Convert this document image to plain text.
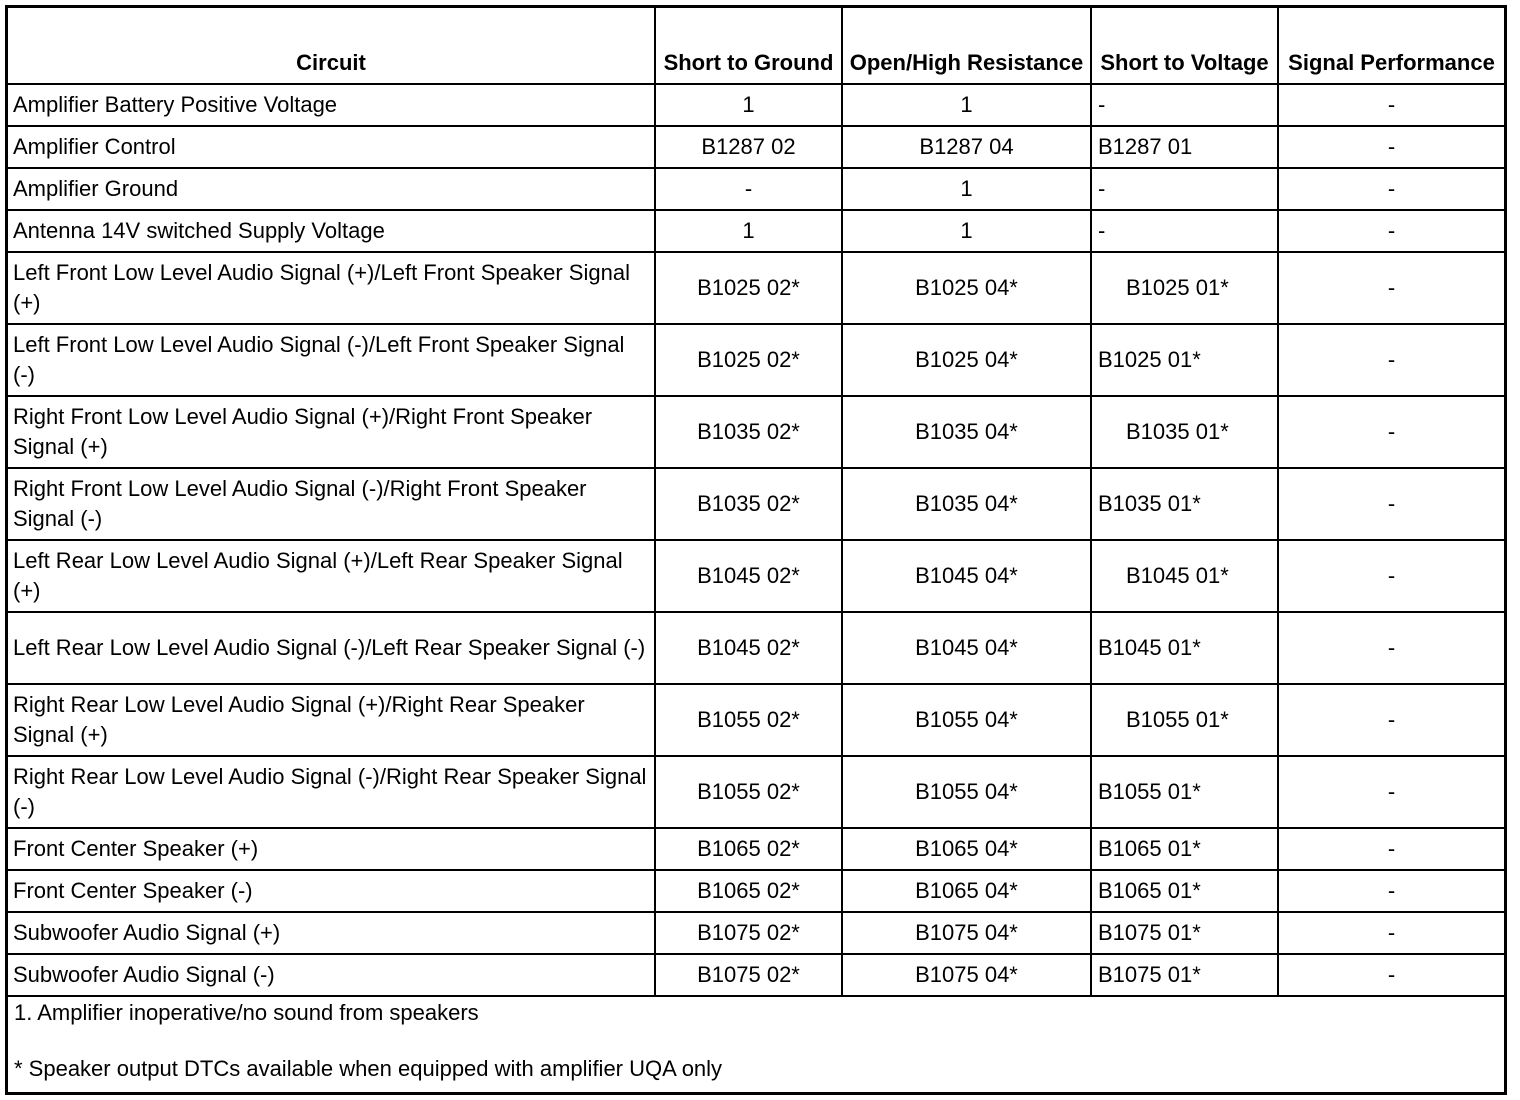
Circuit	Short to Ground	Open/High Resistance	Short to Voltage	Signal Performance
Amplifier Battery Positive Voltage	1	1	-	-
Amplifier Control	B1287 02	B1287 04	B1287 01	-
Amplifier Ground	-	1	-	-
Antenna 14V switched Supply Voltage	1	1	-	-
Left Front Low Level Audio Signal (+)/Left Front Speaker Signal (+)	B1025 02*	B1025 04*	B1025 01*	-
Left Front Low Level Audio Signal (-)/Left Front Speaker Signal (-)	B1025 02*	B1025 04*	B1025 01*	-
Right Front Low Level Audio Signal (+)/Right Front Speaker Signal (+)	B1035 02*	B1035 04*	B1035 01*	-
Right Front Low Level Audio Signal (-)/Right Front Speaker Signal (-)	B1035 02*	B1035 04*	B1035 01*	-
Left Rear Low Level Audio Signal (+)/Left Rear Speaker Signal (+)	B1045 02*	B1045 04*	B1045 01*	-
Left Rear Low Level Audio Signal (-)/Left Rear Speaker Signal (-)	B1045 02*	B1045 04*	B1045 01*	-
Right Rear Low Level Audio Signal (+)/Right Rear Speaker Signal (+)	B1055 02*	B1055 04*	B1055 01*	-
Right Rear Low Level Audio Signal (-)/Right Rear Speaker Signal (-)	B1055 02*	B1055 04*	B1055 01*	-
Front Center Speaker (+)	B1065 02*	B1065 04*	B1065 01*	-
Front Center Speaker (-)	B1065 02*	B1065 04*	B1065 01*	-
Subwoofer Audio Signal (+)	B1075 02*	B1075 04*	B1075 01*	-
Subwoofer Audio Signal (-)	B1075 02*	B1075 04*	B1075 01*	-
1. Amplifier inoperative/no sound from speakers
* Speaker output DTCs available when equipped with amplifier UQA only
